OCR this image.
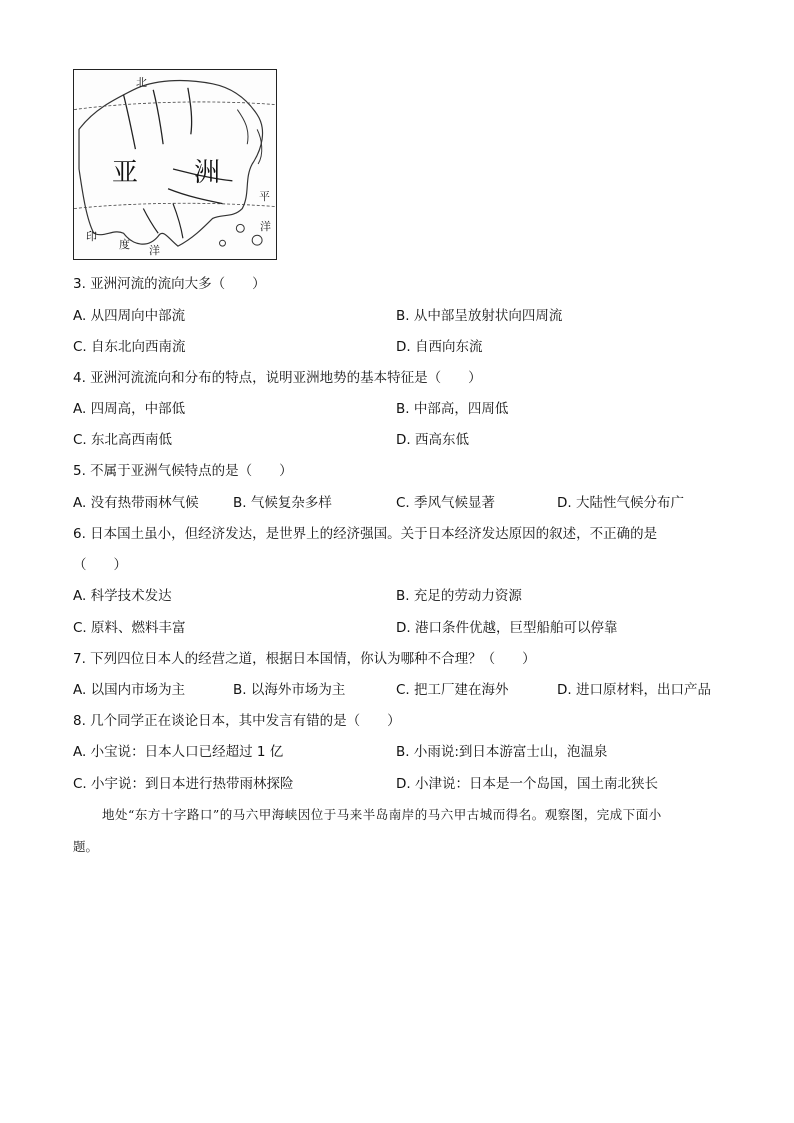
亚 洲
北
平
洋
印
度 洋
3. 亚洲河流的流向大多（　　）
A. 从四周向中部流	B. 从中部呈放射状向四周流
C. 自东北向西南流	D. 自西向东流
4. 亚洲河流流向和分布的特点，说明亚洲地势的基本特征是（　　）
A. 四周高，中部低	B. 中部高，四周低
C. 东北高西南低	D. 西高东低
5. 不属于亚洲气候特点的是（　　）
A. 没有热带雨林气候	B. 气候复杂多样	C. 季风气候显著	D. 大陆性气候分布广
6. 日本国土虽小，但经济发达，是世界上的经济强国。关于日本经济发达原因的叙述，不正确的是
（　　）
A. 科学技术发达	B. 充足的劳动力资源
C. 原料、燃料丰富	D. 港口条件优越，巨型船舶可以停靠
7. 下列四位日本人的经营之道，根据日本国情，你认为哪种不合理？（　　）
A. 以国内市场为主	B. 以海外市场为主	C. 把工厂建在海外	D. 进口原材料，出口产品
8. 几个同学正在谈论日本，其中发言有错的是（　　）
A. 小宝说：日本人口已经超过 1 亿	B. 小雨说:到日本游富士山，泡温泉
C. 小宇说：到日本进行热带雨林探险	D. 小津说：日本是一个岛国，国土南北狭长
地处“东方十字路口”的马六甲海峡因位于马来半岛南岸的马六甲古城而得名。观察图，完成下面小
题。
